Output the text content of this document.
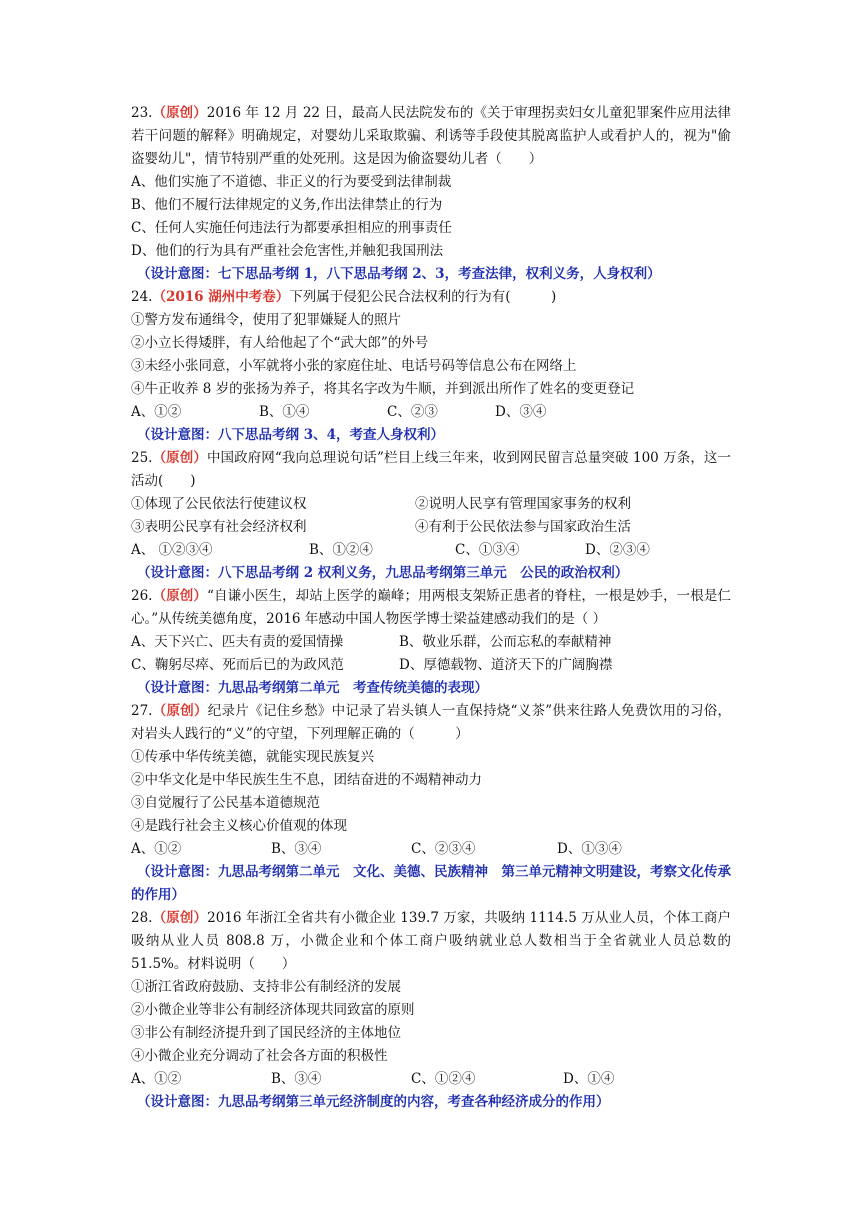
23.（原创）2016 年 12 月 22 日，最高人民法院发布的《关于审理拐卖妇女儿童犯罪案件应用法律若干问题的解释》明确规定，对婴幼儿采取欺骗、利诱等手段使其脱离监护人或看护人的，视为"偷盗婴幼儿"，情节特别严重的处死刑。这是因为偷盗婴幼儿者（　　）
A、他们实施了不道德、非正义的行为要受到法律制裁
B、他们不履行法律规定的义务,作出法律禁止的行为
C、任何人实施任何违法行为都要承担相应的刑事责任
D、他们的行为具有严重社会危害性,并触犯我国刑法
（设计意图：七下思品考纲 1，八下思品考纲 2、3，考查法律，权利义务，人身权利）
24.（2016 湖州中考卷）下列属于侵犯公民合法权利的行为有(　　　)
①警方发布通缉令，使用了犯罪嫌疑人的照片
②小立长得矮胖，有人给他起了个“武大郎”的外号
③未经小张同意，小军就将小张的家庭住址、电话号码等信息公布在网络上
④牛正收养 8 岁的张扬为养子，将其名字改为牛顺，并到派出所作了姓名的变更登记
A、①②	B、①④	C、②③	D、③④
（设计意图：八下思品考纲 3、4，考查人身权利）
25.（原创）中国政府网“我向总理说句话”栏目上线三年来，收到网民留言总量突破 100 万条，这一活动(　　)
①体现了公民依法行使建议权	②说明人民享有管理国家事务的权利
③表明公民享有社会经济权利	④有利于公民依法参与国家政治生活
A、 ①②③④	B、①②④	C、①③④	D、②③④
（设计意图：八下思品考纲 2 权利义务，九思品考纲第三单元　公民的政治权利）
26.（原创）“自谦小医生，却站上医学的巅峰；用两根支架矫正患者的脊柱，一根是妙手，一根是仁心。”从传统美德角度，2016 年感动中国人物医学博士梁益建感动我们的是（ ）
A、天下兴亡、匹夫有责的爱国情操	B、敬业乐群，公而忘私的奉献精神
C、鞠躬尽瘁、死而后已的为政风范	D、厚德载物、道济天下的广阔胸襟
（设计意图：九思品考纲第二单元　考查传统美德的表现）
27.（原创）纪录片《记住乡愁》中记录了岩头镇人一直保持烧“义茶”供来往路人免费饮用的习俗，对岩头人践行的“义”的守望，下列理解正确的（　　　）
①传承中华传统美德，就能实现民族复兴
②中华文化是中华民族生生不息，团结奋进的不竭精神动力
③自觉履行了公民基本道德规范
④是践行社会主义核心价值观的体现
A、①②	B、③④	C、②③④	D、①③④
（设计意图：九思品考纲第二单元　文化、美德、民族精神　第三单元精神文明建设，考察文化传承的作用）
28.（原创）2016 年浙江全省共有小微企业 139.7 万家，共吸纳 1114.5 万从业人员，个体工商户吸纳从业人员 808.8 万，小微企业和个体工商户吸纳就业总人数相当于全省就业人员总数的 51.5%。材料说明（　　）
①浙江省政府鼓励、支持非公有制经济的发展
②小微企业等非公有制经济体现共同致富的原则
③非公有制经济提升到了国民经济的主体地位
④小微企业充分调动了社会各方面的积极性
A、①②	B、③④	C、①②④	D、①④
（设计意图：九思品考纲第三单元经济制度的内容，考查各种经济成分的作用）
